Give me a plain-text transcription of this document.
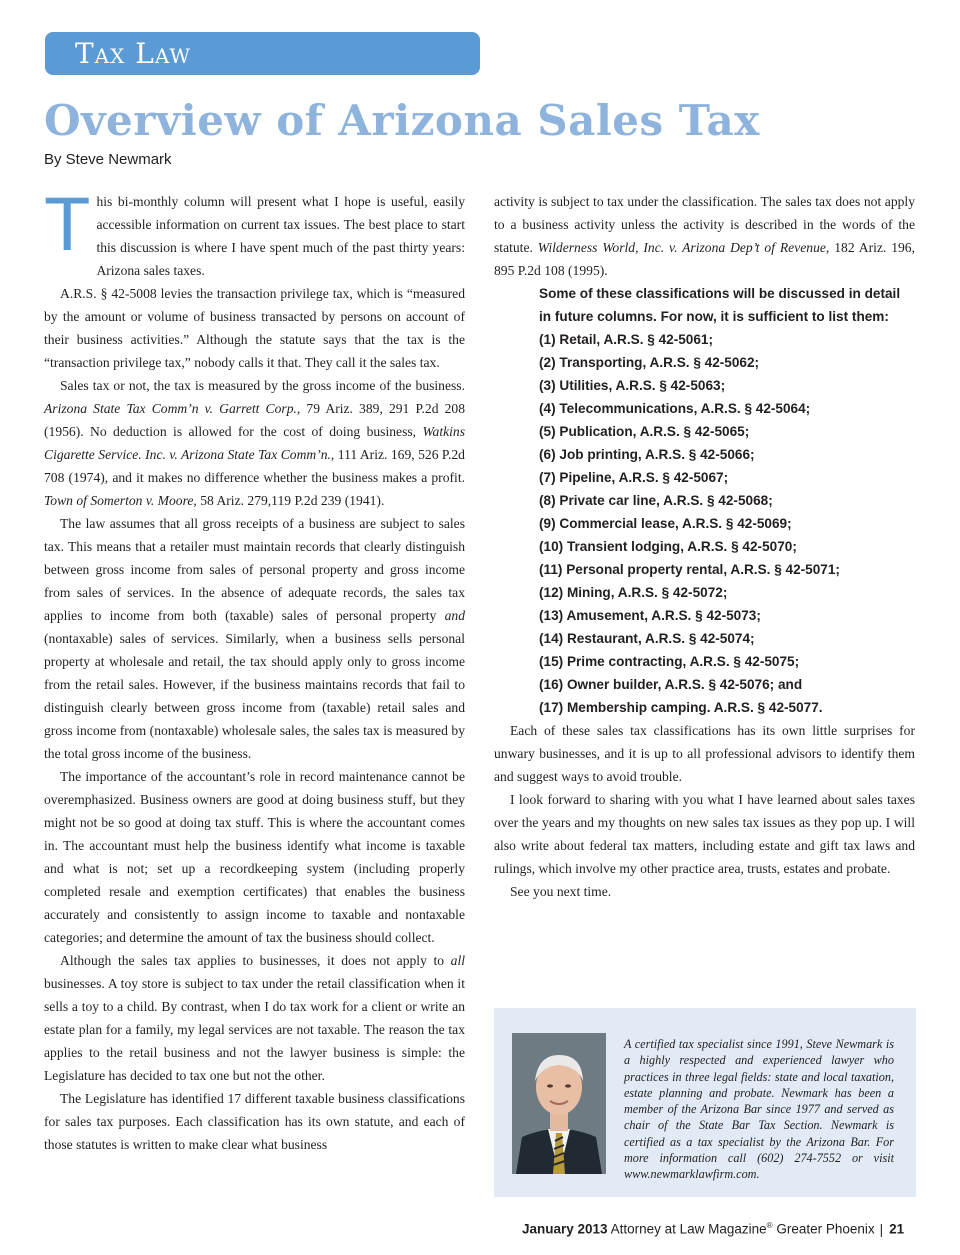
Tax Law
Overview of Arizona Sales Tax
By Steve Newmark

This bi-monthly column will present what I hope is useful, easily accessible information on current tax issues. The best place to start this discussion is where I have spent much of the past thirty years: Arizona sales taxes.

A.R.S. § 42-5008 levies the transaction privilege tax, which is “measured by the amount or volume of business transacted by persons on account of their business activities.” Although the statute says that the tax is the “transaction privilege tax,” nobody calls it that. They call it the sales tax.

Sales tax or not, the tax is measured by the gross income of the business. Arizona State Tax Comm’n v. Garrett Corp., 79 Ariz. 389, 291 P.2d 208 (1956). No deduction is allowed for the cost of doing business, Watkins Cigarette Service. Inc. v. Arizona State Tax Comm’n., 111 Ariz. 169, 526 P.2d 708 (1974), and it makes no difference whether the business makes a profit. Town of Somerton v. Moore, 58 Ariz. 279,119 P.2d 239 (1941).

The law assumes that all gross receipts of a business are subject to sales tax. This means that a retailer must maintain records that clearly distinguish between gross income from sales of personal property and gross income from sales of services. In the absence of adequate records, the sales tax applies to income from both (taxable) sales of personal property and (nontaxable) sales of services. Similarly, when a business sells personal property at wholesale and retail, the tax should apply only to gross income from the retail sales. However, if the business maintains records that fail to distinguish clearly between gross income from (taxable) retail sales and gross income from (nontaxable) wholesale sales, the sales tax is measured by the total gross income of the business.

The importance of the accountant’s role in record maintenance cannot be overemphasized. Business owners are good at doing business stuff, but they might not be so good at doing tax stuff. This is where the accountant comes in. The accountant must help the business identify what income is taxable and what is not; set up a recordkeeping system (including properly completed resale and exemption certificates) that enables the business accurately and consistently to assign income to taxable and nontaxable categories; and determine the amount of tax the business should collect.

Although the sales tax applies to businesses, it does not apply to all businesses. A toy store is subject to tax under the retail classification when it sells a toy to a child. By contrast, when I do tax work for a client or write an estate plan for a family, my legal services are not taxable. The reason the tax applies to the retail business and not the lawyer business is simple: the Legislature has decided to tax one but not the other.

The Legislature has identified 17 different taxable business classifications for sales tax purposes. Each classification has its own statute, and each of those statutes is written to make clear what business

activity is subject to tax under the classification. The sales tax does not apply to a business activity unless the activity is described in the words of the statute. Wilderness World, Inc. v. Arizona Dep’t of Revenue, 182 Ariz. 196, 895 P.2d 108 (1995).

Some of these classifications will be discussed in detail in future columns. For now, it is sufficient to list them:

(1) Retail, A.R.S. § 42-5061;
(2) Transporting, A.R.S. § 42-5062;
(3) Utilities, A.R.S. § 42-5063;
(4) Telecommunications, A.R.S. § 42-5064;
(5) Publication, A.R.S. § 42-5065;
(6) Job printing, A.R.S. § 42-5066;
(7) Pipeline, A.R.S. § 42-5067;
(8) Private car line, A.R.S. § 42-5068;
(9) Commercial lease, A.R.S. § 42-5069;
(10) Transient lodging, A.R.S. § 42-5070;
(11) Personal property rental, A.R.S. § 42-5071;
(12) Mining, A.R.S. § 42-5072;
(13) Amusement, A.R.S. § 42-5073;
(14) Restaurant, A.R.S. § 42-5074;
(15) Prime contracting, A.R.S. § 42-5075;
(16) Owner builder, A.R.S. § 42-5076; and
(17) Membership camping. A.R.S. § 42-5077.

Each of these sales tax classifications has its own little surprises for unwary businesses, and it is up to all professional advisors to identify them and suggest ways to avoid trouble.

I look forward to sharing with you what I have learned about sales taxes over the years and my thoughts on new sales tax issues as they pop up. I will also write about federal tax matters, including estate and gift tax laws and rulings, which involve my other practice area, trusts, estates and probate.

See you next time.

A certified tax specialist since 1991, Steve Newmark is a highly respected and experienced lawyer who practices in three legal fields: state and local taxation, estate planning and probate. Newmark has been a member of the Arizona Bar since 1977 and served as chair of the State Bar Tax Section. Newmark is certified as a tax specialist by the Arizona Bar. For more information call (602) 274-7552 or visit www.newmarklawfirm.com.
January 2013 Attorney at Law Magazine® Greater Phoenix | 21
